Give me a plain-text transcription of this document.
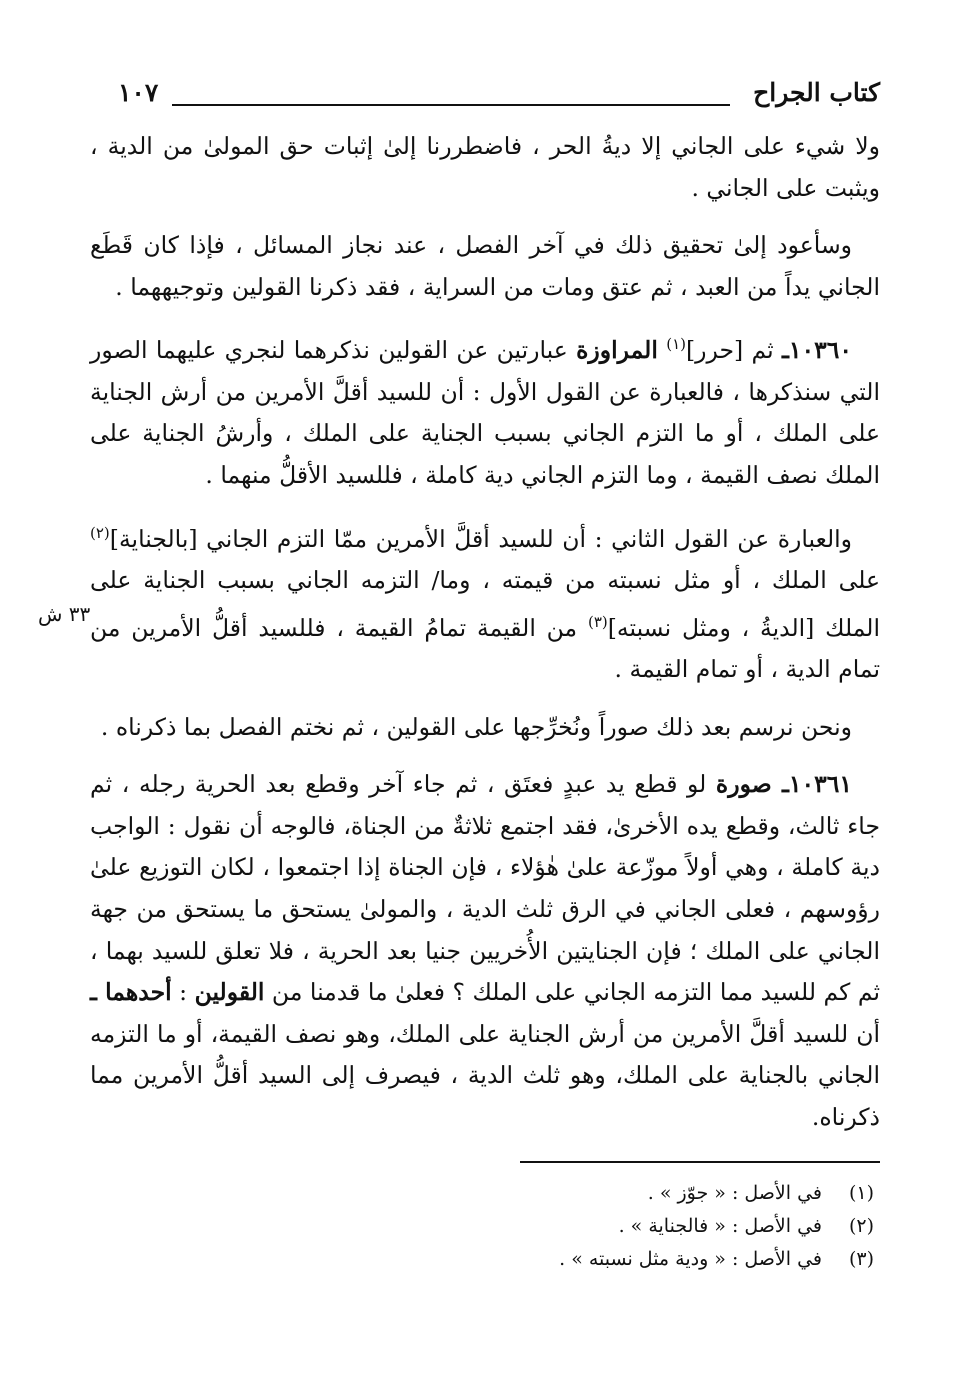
كتاب الجراح
١٠٧

ولا شيء على الجاني إلا ديةُ الحر ، فاضطررنا إلىٰ إثبات حق المولىٰ من الدية ، ويثبت على الجاني .

وسأعود إلىٰ تحقيق ذلك في آخر الفصل ، عند نجاز المسائل ، فإذا كان قَطَع الجاني يداً من العبد ، ثم عتق ومات من السراية ، فقد ذكرنا القولين وتوجيههما .

١٠٣٦٠ـ ثم [حرر]$^{(١)}$ المراوزة عبارتين عن القولين نذكرهما لنجري عليهما الصور التي سنذكرها ، فالعبارة عن القول الأول : أن للسيد أقلَّ الأمرين من أرش الجناية على الملك ، أو ما التزم الجاني بسبب الجناية على الملك ، وأرشُ الجناية على الملك نصف القيمة ، وما التزم الجاني دية كاملة ، فللسيد الأقلُّ منهما .

والعبارة عن القول الثاني : أن للسيد أقلَّ الأمرين ممّا التزم الجاني [بالجناية]$^{(٢)}$ على الملك ، أو مثل نسبته من قيمته ، وما/ التزمه الجاني بسبب الجناية على الملك [الديةُ ، ومثل نسبته]$^{(٣)}$ من القيمة تمامُ القيمة ، فللسيد أقلُّ الأمرين من تمام الدية ، أو تمام القيمة .

ونحن نرسم بعد ذلك صوراً ونُخرِّجها على القولين ، ثم نختم الفصل بما ذكرناه .

١٠٣٦١ـ صورة لو قطع يد عبدٍ فعتَق ، ثم جاء آخر وقطع بعد الحرية رجله ، ثم جاء ثالث، وقطع يده الأخرىٰ، فقد اجتمع ثلاثةٌ من الجناة، فالوجه أن نقول : الواجب دية كاملة ، وهي أولاً موزّعة علىٰ هٰؤلاء ، فإن الجناة إذا اجتمعوا ، لكان التوزيع علىٰ رؤوسهم ، فعلى الجاني في الرق ثلث الدية ، والمولىٰ يستحق ما يستحق من جهة الجاني على الملك ؛ فإن الجنايتين الأُخريين جنيا بعد الحرية ، فلا تعلق للسيد بهما ، ثم كم للسيد مما التزمه الجاني على الملك ؟ فعلىٰ ما قدمنا من القولين : أحدهما ـ أن للسيد أقلَّ الأمرين من أرش الجناية على الملك، وهو نصف القيمة، أو ما التزمه الجاني بالجناية على الملك، وهو ثلث الدية ، فيصرف إلى السيد أقلُّ الأمرين مما ذكرناه.

(١)
في الأصل : « جوّز » .
(٢)
في الأصل : « فالجناية » .
(٣)
في الأصل : « ودية مثل نسبته » .
٣٣ ش
